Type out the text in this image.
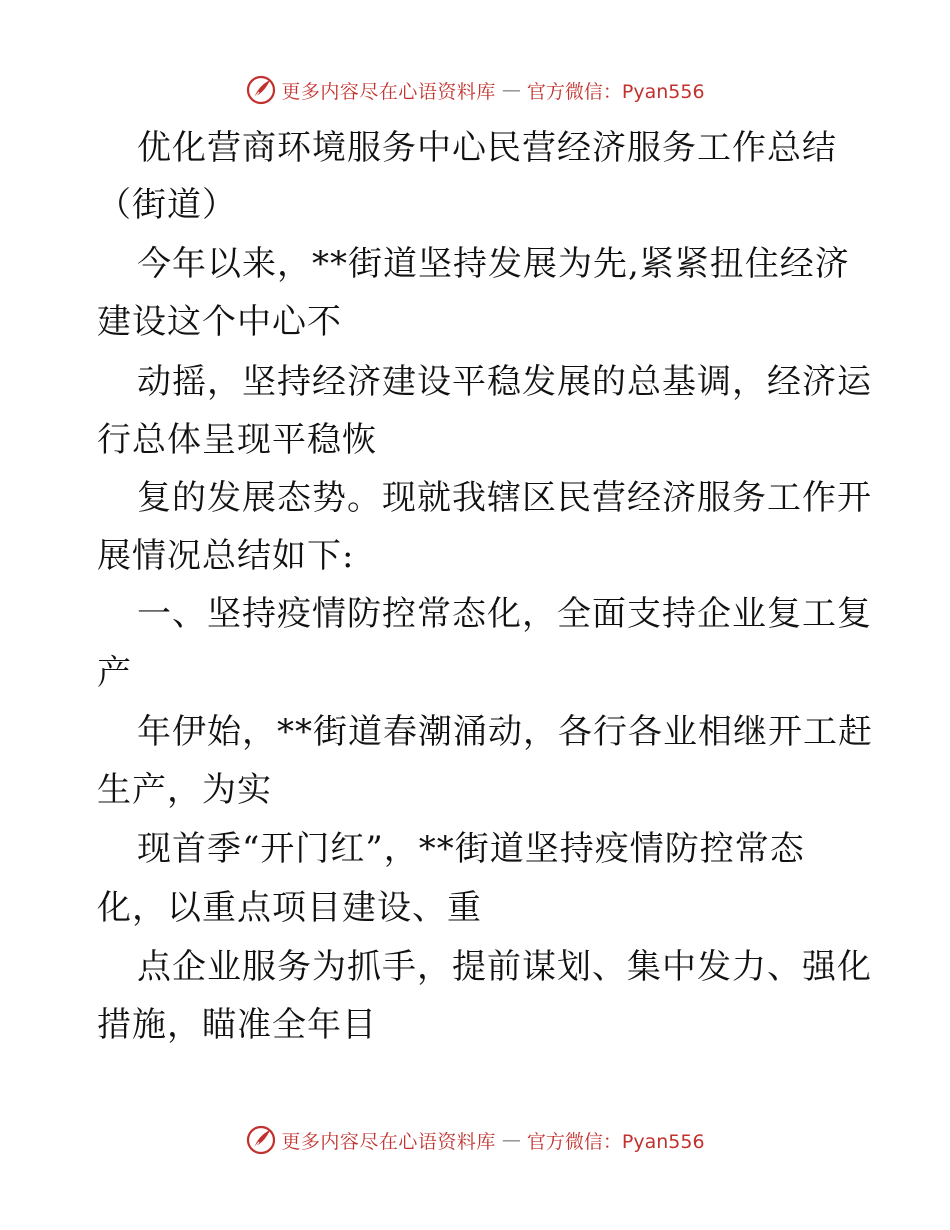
更多内容尽在心语资料库 — 官方微信：Pyan556
优化营商环境服务中心民营经济服务工作总结
（街道）
今年以来，**街道坚持发展为先,紧紧扭住经济
建设这个中心不
动摇，坚持经济建设平稳发展的总基调，经济运
行总体呈现平稳恢
复的发展态势。现就我辖区民营经济服务工作开
展情况总结如下:
一、坚持疫情防控常态化，全面支持企业复工复
产
年伊始，**街道春潮涌动，各行各业相继开工赶
生产，为实
现首季“开门红”，**街道坚持疫情防控常态
化，以重点项目建设、重
点企业服务为抓手，提前谋划、集中发力、强化
措施，瞄准全年目
更多内容尽在心语资料库 — 官方微信：Pyan556
